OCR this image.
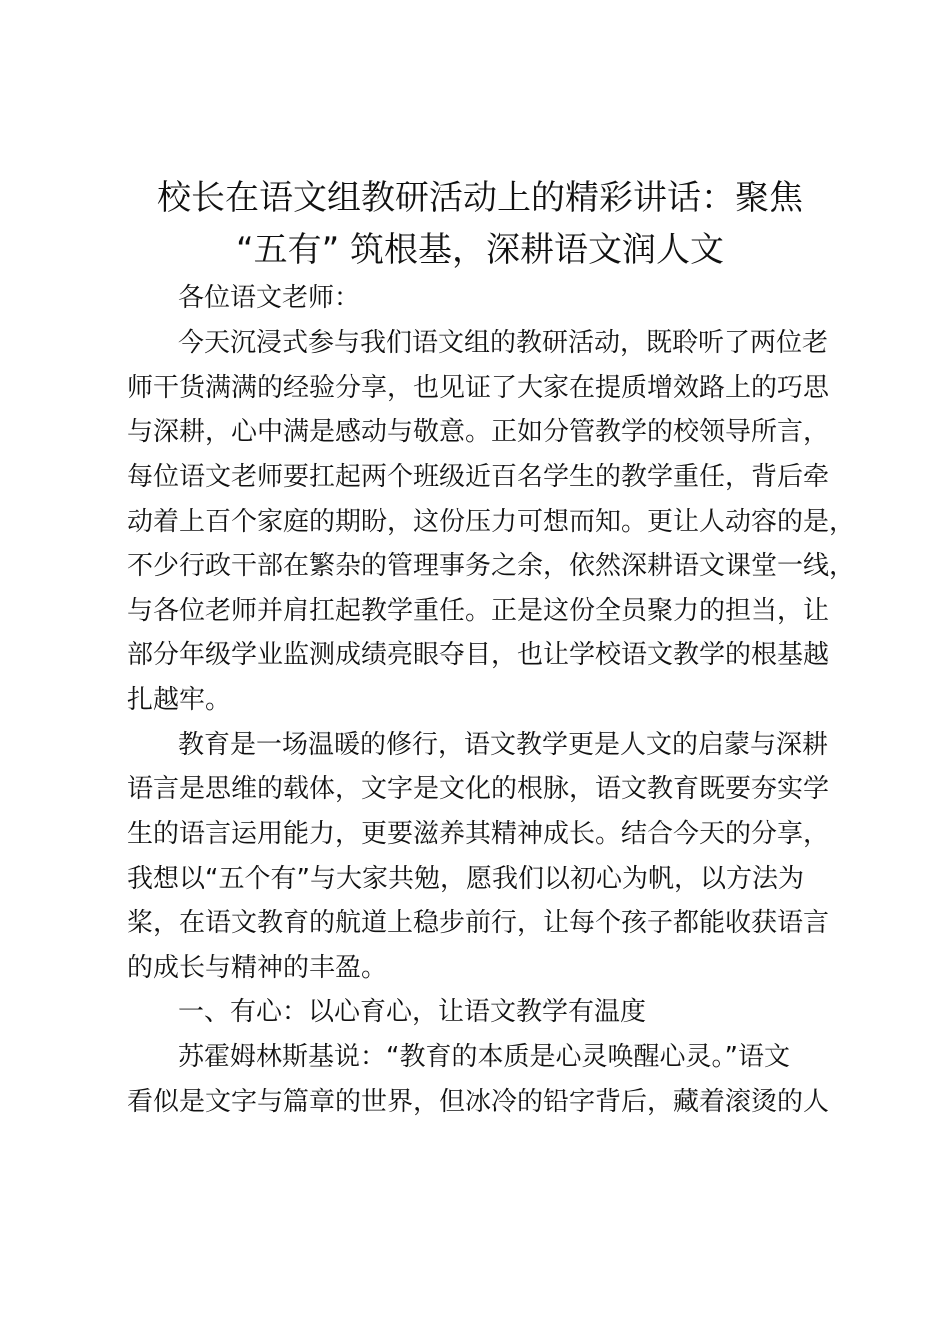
校长在语文组教研活动上的精彩讲话：聚焦
“五有” 筑根基，深耕语文润人文

各位语文老师：

今天沉浸式参与我们语文组的教研活动，既聆听了两位老

师干货满满的经验分享，也见证了大家在提质增效路上的巧思

与深耕，心中满是感动与敬意。正如分管教学的校领导所言，

每位语文老师要扛起两个班级近百名学生的教学重任，背后牵

动着上百个家庭的期盼，这份压力可想而知。更让人动容的是，

不少行政干部在繁杂的管理事务之余，依然深耕语文课堂一线，

与各位老师并肩扛起教学重任。正是这份全员聚力的担当，让

部分年级学业监测成绩亮眼夺目，也让学校语文教学的根基越

扎越牢。

教育是一场温暖的修行，语文教学更是人文的启蒙与深耕

语言是思维的载体，文字是文化的根脉，语文教育既要夯实学

生的语言运用能力，更要滋养其精神成长。结合今天的分享，

我想以“五个有”与大家共勉，愿我们以初心为帆，以方法为

桨，在语文教育的航道上稳步前行，让每个孩子都能收获语言

的成长与精神的丰盈。

一、有心：以心育心，让语文教学有温度

苏霍姆林斯基说：“教育的本质是心灵唤醒心灵。”语文

看似是文字与篇章的世界，但冰冷的铅字背后，藏着滚烫的人
